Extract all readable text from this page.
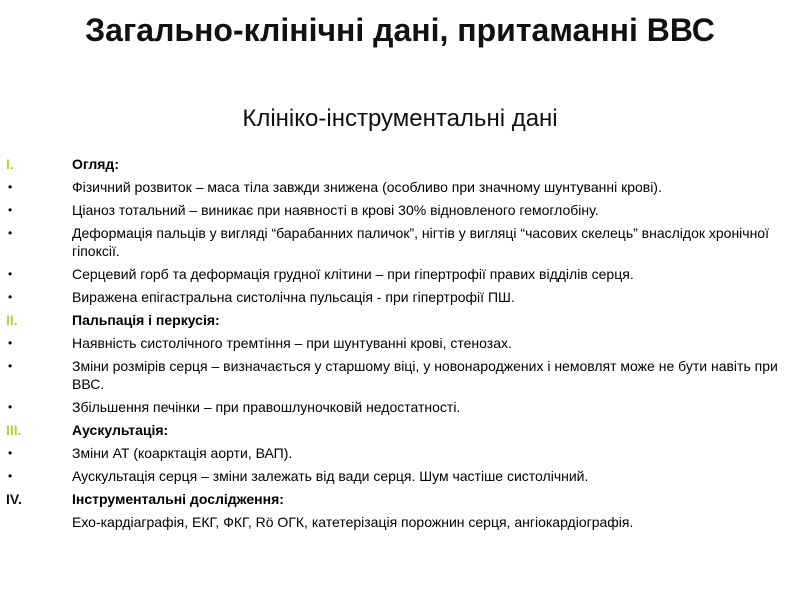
Загально-клінічні дані, притаманні ВВС
Клініко-інструментальні дані
I.	Огляд:
•	Фізичний розвиток – маса тіла завжди знижена (особливо при значному шунтуванні крові).
•	Ціаноз тотальний – виникає при наявності в крові 30% відновленого гемоглобіну.
•	Деформація пальців у вигляді “барабанних паличок”, нігтів у вигляці “часових скелець” внаслідок хронічної гіпоксії.
•	Серцевий горб та деформація грудної клітини – при гіпертрофії правих відділів серця.
•	Виражена епігастральна систолічна пульсація - при гіпертрофії ПШ.
II.	Пальпація і перкусія:
•	Наявність систолічного тремтіння – при шунтуванні крові, стенозах.
•	Зміни розмірів серця – визначається у старшому віці, у новонароджених і немовлят може не бути навіть при ВВС.
•	Збільшення печінки – при правошлуночковій недостатності.
III.	Аускультація:
•	Зміни АТ (коарктація аорти, ВАП).
•	Аускультація серця – зміни залежать від вади серця. Шум частіше систолічний.
IV.	Інструментальні дослідження:
Ехо-кардіаграфія, ЕКГ, ФКГ, Rö ОГК, катетерізація порожнин серця, ангіокардіографія.
